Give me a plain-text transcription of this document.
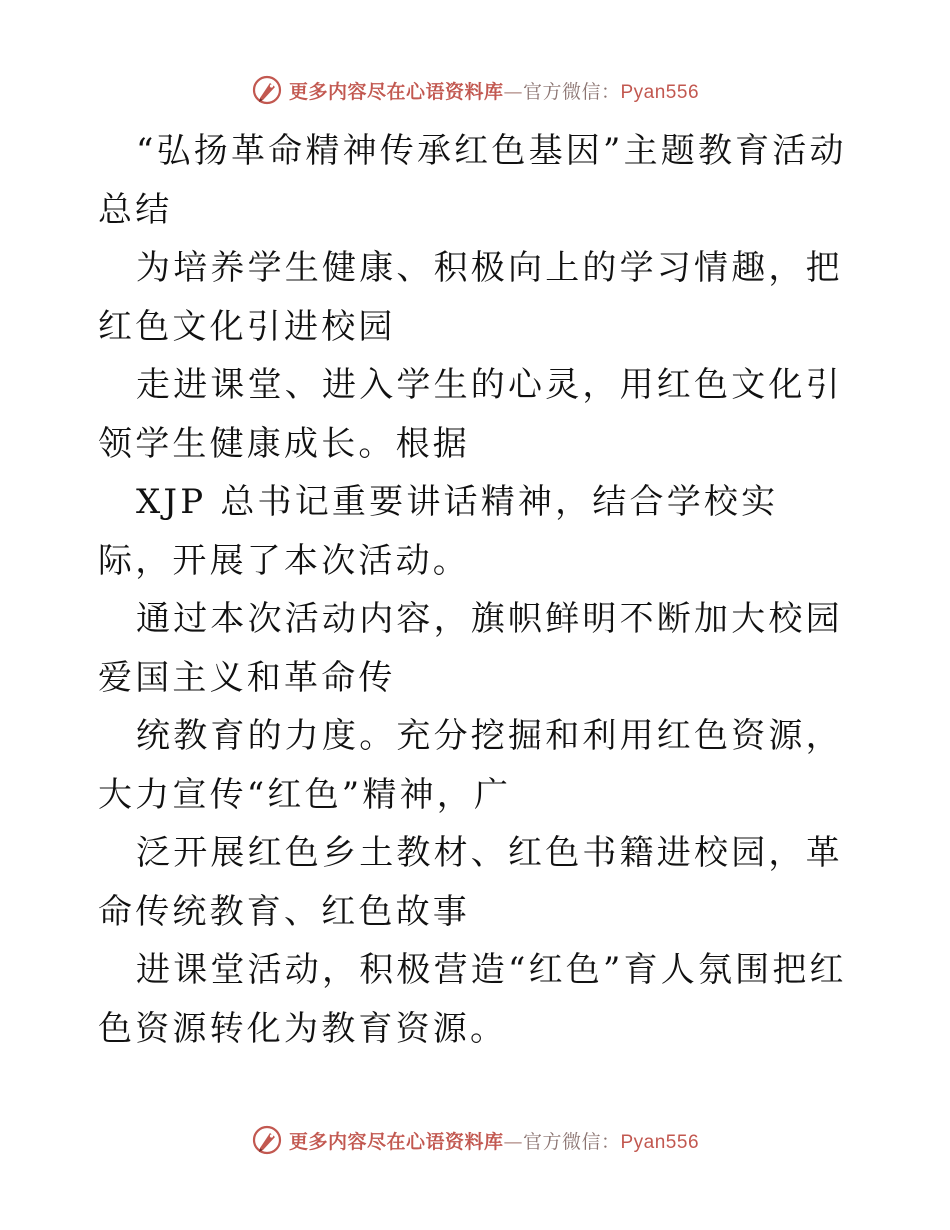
更多内容尽在心语资料库—官方微信：Pyan556

“弘扬革命精神传承红色基因”主题教育活动总结

为培养学生健康、积极向上的学习情趣，把红色文化引进校园

走进课堂、进入学生的心灵，用红色文化引领学生健康成长。根据

XJP 总书记重要讲话精神，结合学校实际，开展了本次活动。

通过本次活动内容，旗帜鲜明不断加大校园爱国主义和革命传

统教育的力度。充分挖掘和利用红色资源，大力宣传“红色”精神，广

泛开展红色乡土教材、红色书籍进校园，革命传统教育、红色故事

进课堂活动，积极营造“红色”育人氛围把红色资源转化为教育资源。

更多内容尽在心语资料库—官方微信：Pyan556
